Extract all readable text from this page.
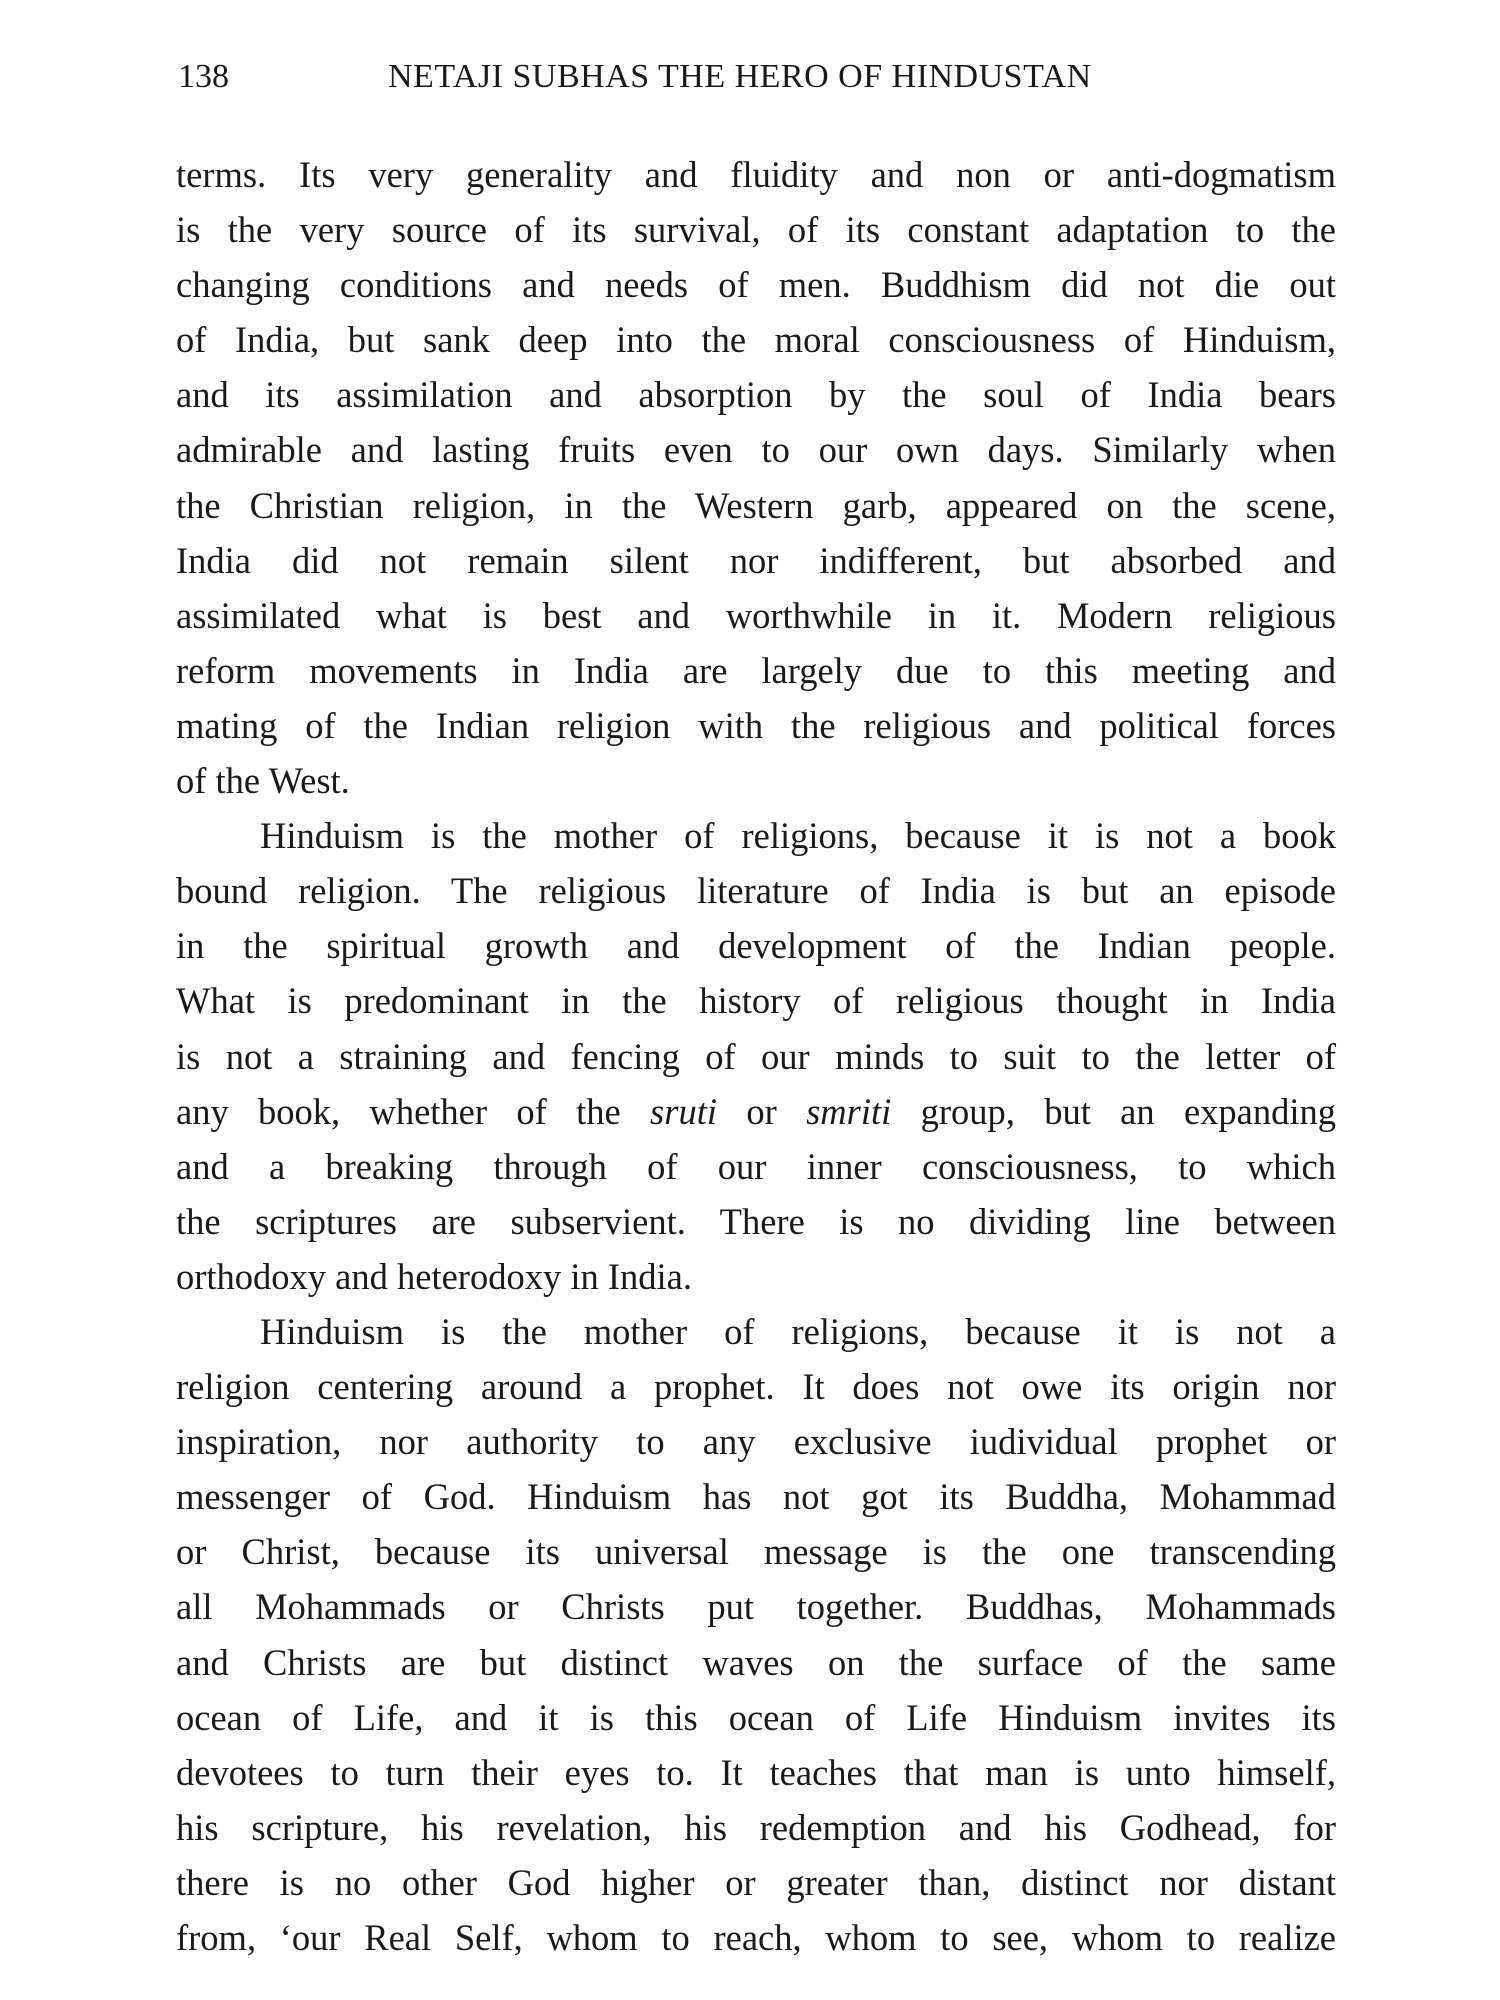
138	NETAJI SUBHAS THE HERO OF HINDUSTAN
terms. Its very generality and fluidity and non or anti-dogmatism
is the very source of its survival, of its constant adaptation to the
changing conditions and needs of men. Buddhism did not die out
of India, but sank deep into the moral consciousness of Hinduism,
and its assimilation and absorption by the soul of India bears
admirable and lasting fruits even to our own days. Similarly when
the Christian religion, in the Western garb, appeared on the scene,
India did not remain silent nor indifferent, but absorbed and
assimilated what is best and worthwhile in it. Modern religious
reform movements in India are largely due to this meeting and
mating of the Indian religion with the religious and political forces
of the West.
Hinduism is the mother of religions, because it is not a book
bound religion. The religious literature of India is but an episode
in the spiritual growth and development of the Indian people.
What is predominant in the history of religious thought in India
is not a straining and fencing of our minds to suit to the letter of
any book, whether of the sruti or smriti group, but an expanding
and a breaking through of our inner consciousness, to which
the scriptures are subservient. There is no dividing line between
orthodoxy and heterodoxy in India.
Hinduism is the mother of religions, because it is not a
religion centering around a prophet. It does not owe its origin nor
inspiration, nor authority to any exclusive iudividual prophet or
messenger of God. Hinduism has not got its Buddha, Mohammad
or Christ, because its universal message is the one transcending
all Mohammads or Christs put together. Buddhas, Mohammads
and Christs are but distinct waves on the surface of the same
ocean of Life, and it is this ocean of Life Hinduism invites its
devotees to turn their eyes to. It teaches that man is unto himself,
his scripture, his revelation, his redemption and his Godhead, for
there is no other God higher or greater than, distinct nor distant
from, ‘our Real Self, whom to reach, whom to see, whom to realize
